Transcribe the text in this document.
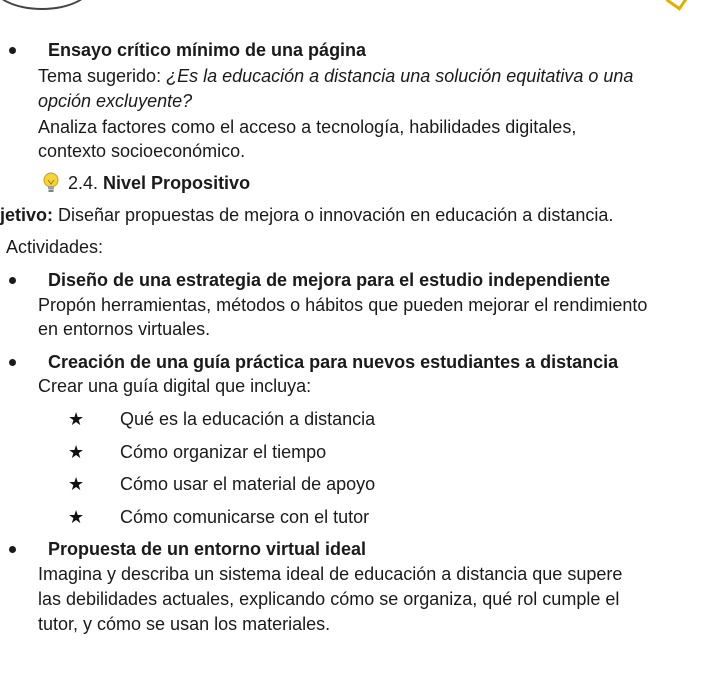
Ensayo crítico mínimo de una página
Tema sugerido: ¿Es la educación a distancia una solución equitativa o una
opción excluyente?
Analiza factores como el acceso a tecnología, habilidades digitales,
contexto socioeconómico.
2.4. Nivel Propositivo
jetivo: Diseñar propuestas de mejora o innovación en educación a distancia.
Actividades:
Diseño de una estrategia de mejora para el estudio independiente
Propón herramientas, métodos o hábitos que pueden mejorar el rendimiento
en entornos virtuales.
Creación de una guía práctica para nuevos estudiantes a distancia
Crear una guía digital que incluya:
★ Qué es la educación a distancia
★ Cómo organizar el tiempo
★ Cómo usar el material de apoyo
★ Cómo comunicarse con el tutor
Propuesta de un entorno virtual ideal
Imagina y describa un sistema ideal de educación a distancia que supere
las debilidades actuales, explicando cómo se organiza, qué rol cumple el
tutor, y cómo se usan los materiales.
